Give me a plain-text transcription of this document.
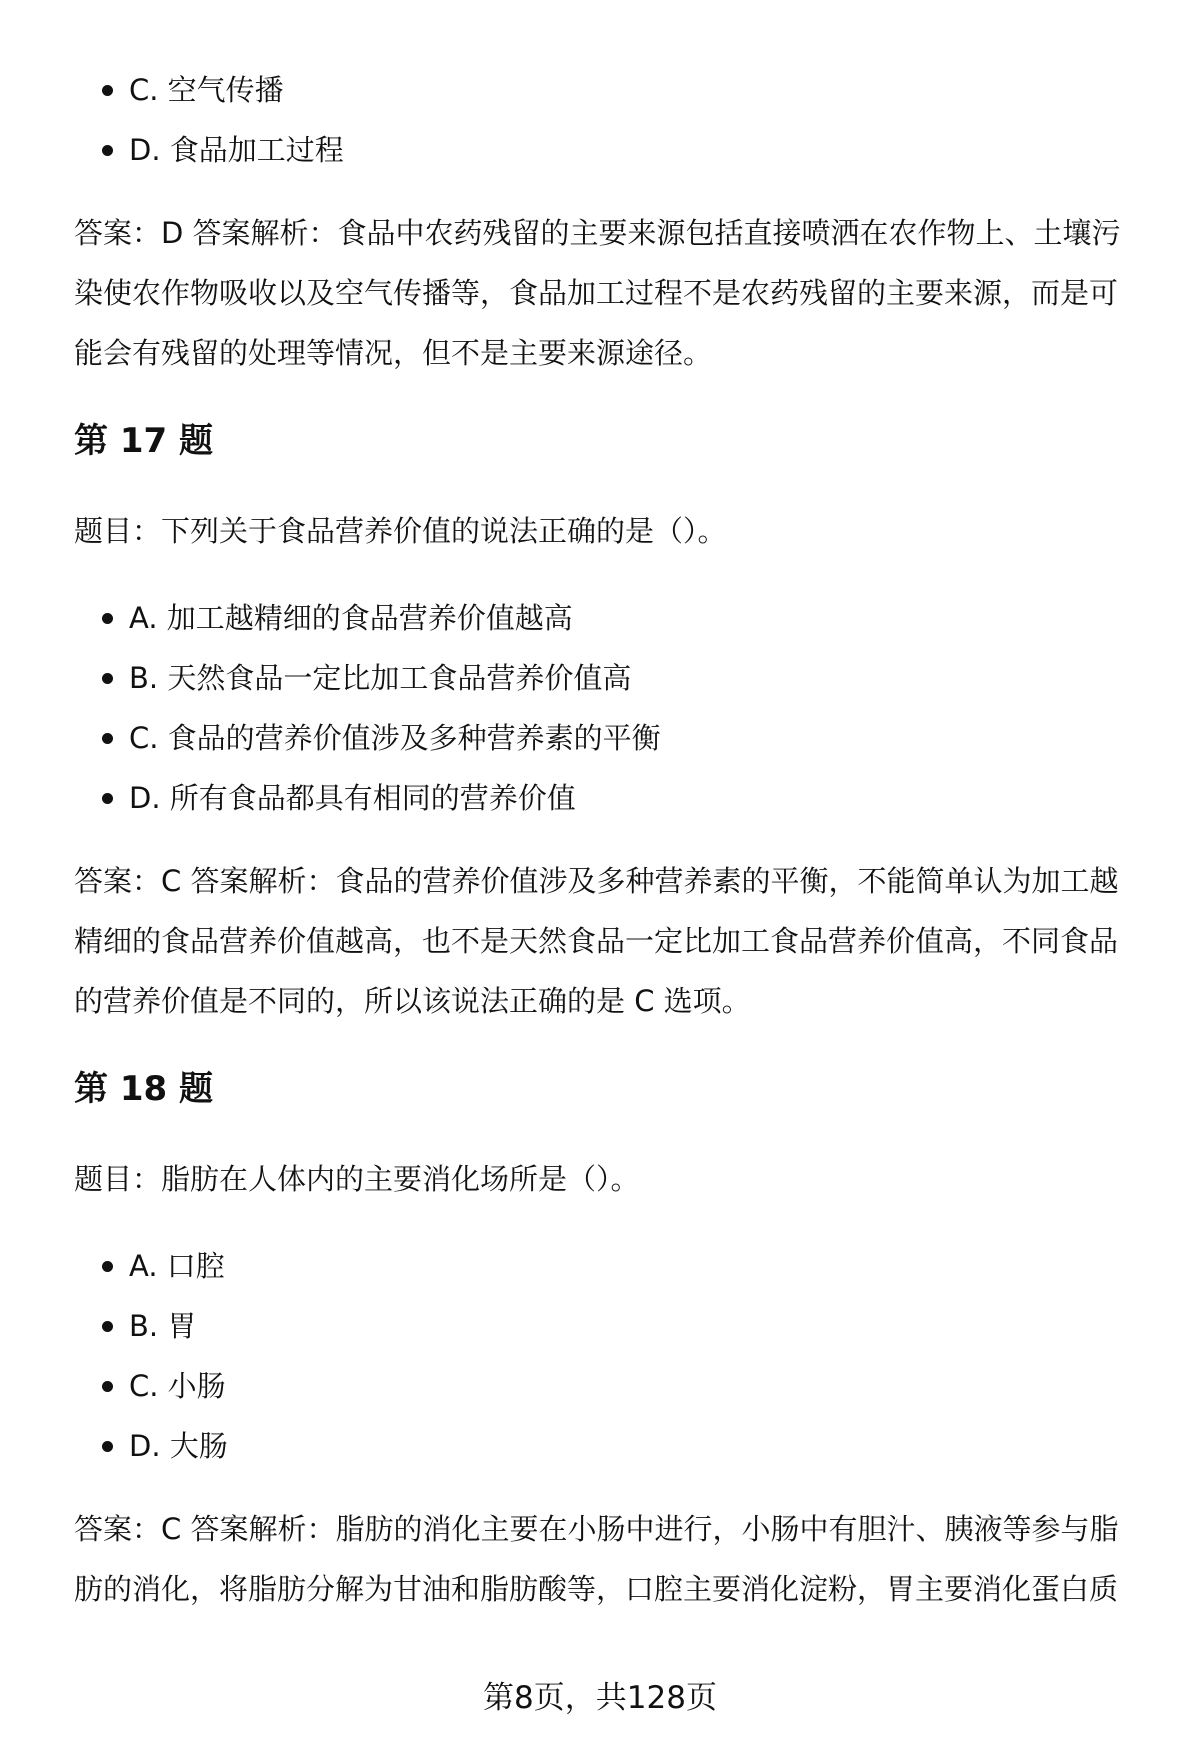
C. 空气传播
D. 食品加工过程
答案：D 答案解析：食品中农药残留的主要来源包括直接喷洒在农作物上、土壤污
染使农作物吸收以及空气传播等，食品加工过程不是农药残留的主要来源，而是可
能会有残留的处理等情况，但不是主要来源途径。
第 17 题

题目：下列关于食品营养价值的说法正确的是（）。

A. 加工越精细的食品营养价值越高
B. 天然食品一定比加工食品营养价值高
C. 食品的营养价值涉及多种营养素的平衡
D. 所有食品都具有相同的营养价值
答案：C 答案解析：食品的营养价值涉及多种营养素的平衡，不能简单认为加工越
精细的食品营养价值越高，也不是天然食品一定比加工食品营养价值高，不同食品
的营养价值是不同的，所以该说法正确的是 C 选项。
第 18 题

题目：脂肪在人体内的主要消化场所是（）。

A. 口腔
B. 胃
C. 小肠
D. 大肠
答案：C 答案解析：脂肪的消化主要在小肠中进行，小肠中有胆汁、胰液等参与脂
肪的消化，将脂肪分解为甘油和脂肪酸等，口腔主要消化淀粉，胃主要消化蛋白质
第8页，共128页
